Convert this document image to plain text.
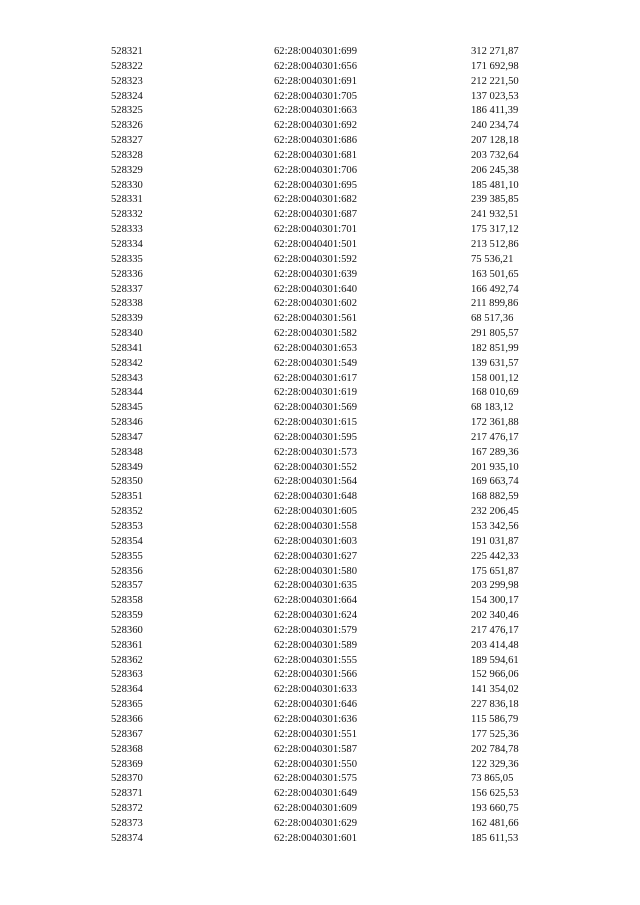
528321	62:28:0040301:699	312 271,87
528322	62:28:0040301:656	171 692,98
528323	62:28:0040301:691	212 221,50
528324	62:28:0040301:705	137 023,53
528325	62:28:0040301:663	186 411,39
528326	62:28:0040301:692	240 234,74
528327	62:28:0040301:686	207 128,18
528328	62:28:0040301:681	203 732,64
528329	62:28:0040301:706	206 245,38
528330	62:28:0040301:695	185 481,10
528331	62:28:0040301:682	239 385,85
528332	62:28:0040301:687	241 932,51
528333	62:28:0040301:701	175 317,12
528334	62:28:0040401:501	213 512,86
528335	62:28:0040301:592	75 536,21
528336	62:28:0040301:639	163 501,65
528337	62:28:0040301:640	166 492,74
528338	62:28:0040301:602	211 899,86
528339	62:28:0040301:561	68 517,36
528340	62:28:0040301:582	291 805,57
528341	62:28:0040301:653	182 851,99
528342	62:28:0040301:549	139 631,57
528343	62:28:0040301:617	158 001,12
528344	62:28:0040301:619	168 010,69
528345	62:28:0040301:569	68 183,12
528346	62:28:0040301:615	172 361,88
528347	62:28:0040301:595	217 476,17
528348	62:28:0040301:573	167 289,36
528349	62:28:0040301:552	201 935,10
528350	62:28:0040301:564	169 663,74
528351	62:28:0040301:648	168 882,59
528352	62:28:0040301:605	232 206,45
528353	62:28:0040301:558	153 342,56
528354	62:28:0040301:603	191 031,87
528355	62:28:0040301:627	225 442,33
528356	62:28:0040301:580	175 651,87
528357	62:28:0040301:635	203 299,98
528358	62:28:0040301:664	154 300,17
528359	62:28:0040301:624	202 340,46
528360	62:28:0040301:579	217 476,17
528361	62:28:0040301:589	203 414,48
528362	62:28:0040301:555	189 594,61
528363	62:28:0040301:566	152 966,06
528364	62:28:0040301:633	141 354,02
528365	62:28:0040301:646	227 836,18
528366	62:28:0040301:636	115 586,79
528367	62:28:0040301:551	177 525,36
528368	62:28:0040301:587	202 784,78
528369	62:28:0040301:550	122 329,36
528370	62:28:0040301:575	73 865,05
528371	62:28:0040301:649	156 625,53
528372	62:28:0040301:609	193 660,75
528373	62:28:0040301:629	162 481,66
528374	62:28:0040301:601	185 611,53
